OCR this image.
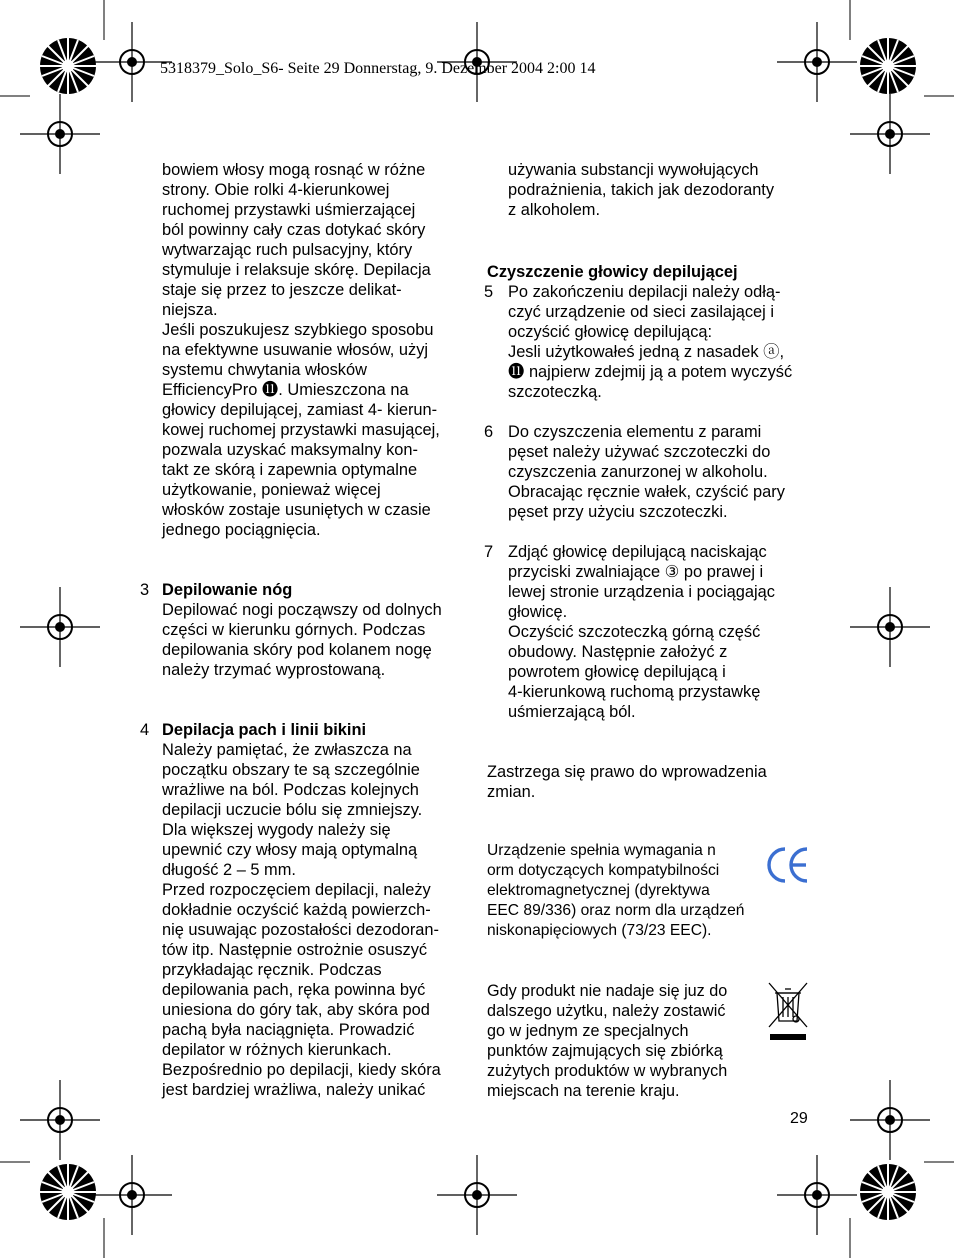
5318379_Solo_S6- Seite 29 Donnerstag, 9. Dezember 2004 2:00 14

bowiem włosy mogą rosnąć w różne
strony. Obie rolki 4-kierunkowej
ruchomej przystawki uśmierzającej
ból powinny cały czas dotykać skóry
wytwarzając ruch pulsacyjny, który
stymuluje i relaksuje skórę. Depilacja
staje się przez to jeszcze delikat-
niejsza.
Jeśli poszukujesz szybkiego sposobu
na efektywne usuwanie włosów, użyj
systemu chwytania włosków
EfficiencyPro ⓫. Umieszczona na
głowicy depilującej, zamiast 4- kierun-
kowej ruchomej przystawki masującej,
pozwala uzyskać maksymalny kon-
takt ze skórą i zapewnia optymalne
użytkowanie, ponieważ więcej
włosków zostaje usuniętych w czasie
jednego pociągnięcia.

3 Depilowanie nóg
Depilować nogi począwszy od dolnych
części w kierunku górnych. Podczas
depilowania skóry pod kolanem nogę
należy trzymać wyprostowaną.
4 Depilacja pach i linii bikini
Należy pamiętać, że zwłaszcza na
początku obszary te są szczególnie
wrażliwe na ból. Podczas kolejnych
depilacji uczucie bólu się zmniejszy.
Dla większej wygody należy się
upewnić czy włosy mają optymalną
długość 2 – 5 mm.
Przed rozpoczęciem depilacji, należy
dokładnie oczyścić każdą powierzch-
nię usuwając pozostałości dezodoran-
tów itp. Następnie ostrożnie osuszyć
przykładając ręcznik. Podczas
depilowania pach, ręka powinna być
uniesiona do góry tak, aby skóra pod
pachą była naciągnięta. Prowadzić
depilator w różnych kierunkach.
Bezpośrednio po depilacji, kiedy skóra
jest bardziej wrażliwa, należy unikać

używania substancji wywołujących
podrażnienia, takich jak dezodoranty
z alkoholem.

Czyszczenie głowicy depilującej
5 Po zakończeniu depilacji należy odłą-
czyć urządzenie od sieci zasilającej i
oczyścić głowicę depilującą:
Jesli użytkowałeś jedną z nasadek ⓐ,
⓫ najpierw zdejmij ją a potem wyczyść
szczoteczką.
6 Do czyszczenia elementu z parami
pęset należy używać szczoteczki do
czyszczenia zanurzonej w alkoholu.
Obracając ręcznie wałek, czyścić pary
pęset przy użyciu szczoteczki.
7 Zdjąć głowicę depilującą naciskając
przyciski zwalniające ③ po prawej i
lewej stronie urządzenia i pociągając
głowicę.
Oczyścić szczoteczką górną część
obudowy. Następnie założyć z
powrotem głowicę depilującą i
4-kierunkową ruchomą przystawkę
uśmierzającą ból.

Zastrzega się prawo do wprowadzenia
zmian.

Urządzenie spełnia wymagania n
orm dotyczących kompatybilności
elektromagnetycznej (dyrektywa
EEC 89/336) oraz norm dla urządzeń
niskonapięciowych (73/23 EEC).
Gdy produkt nie nadaje się juz do
dalszego użytku, należy zostawić
go w jednym ze specjalnych
punktów zajmujących się zbiórką
zużytych produktów w wybranych
miejscach na terenie kraju.
29
